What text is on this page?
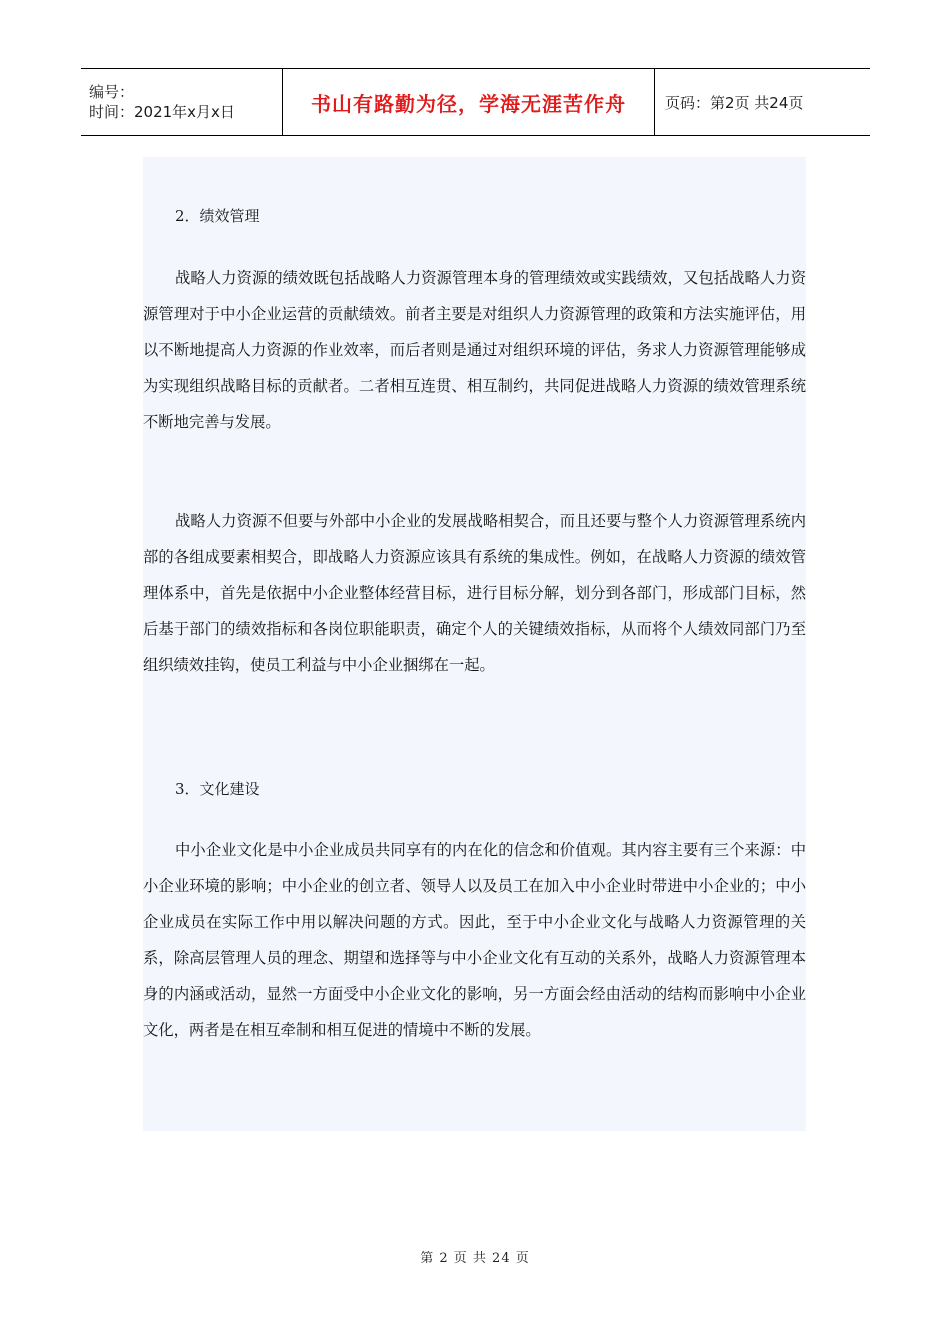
编号：
时间：2021年x月x日	书山有路勤为径，学海无涯苦作舟	页码：第2页 共24页
2．绩效管理

战略人力资源的绩效既包括战略人力资源管理本身的管理绩效或实践绩效，又包括战略人力资源管理对于中小企业运营的贡献绩效。前者主要是对组织人力资源管理的政策和方法实施评估，用以不断地提高人力资源的作业效率，而后者则是通过对组织环境的评估，务求人力资源管理能够成为实现组织战略目标的贡献者。二者相互连贯、相互制约，共同促进战略人力资源的绩效管理系统不断地完善与发展。

战略人力资源不但要与外部中小企业的发展战略相契合，而且还要与整个人力资源管理系统内部的各组成要素相契合，即战略人力资源应该具有系统的集成性。例如，在战略人力资源的绩效管理体系中，首先是依据中小企业整体经营目标，进行目标分解，划分到各部门，形成部门目标，然后基于部门的绩效指标和各岗位职能职责，确定个人的关键绩效指标，从而将个人绩效同部门乃至组织绩效挂钩，使员工利益与中小企业捆绑在一起。

3．文化建设

中小企业文化是中小企业成员共同享有的内在化的信念和价值观。其内容主要有三个来源：中小企业环境的影响；中小企业的创立者、领导人以及员工在加入中小企业时带进中小企业的；中小企业成员在实际工作中用以解决问题的方式。因此，至于中小企业文化与战略人力资源管理的关系，除高层管理人员的理念、期望和选择等与中小企业文化有互动的关系外，战略人力资源管理本身的内涵或活动，显然一方面受中小企业文化的影响，另一方面会经由活动的结构而影响中小企业文化，两者是在相互牵制和相互促进的情境中不断的发展。

第 2 页 共 24 页
